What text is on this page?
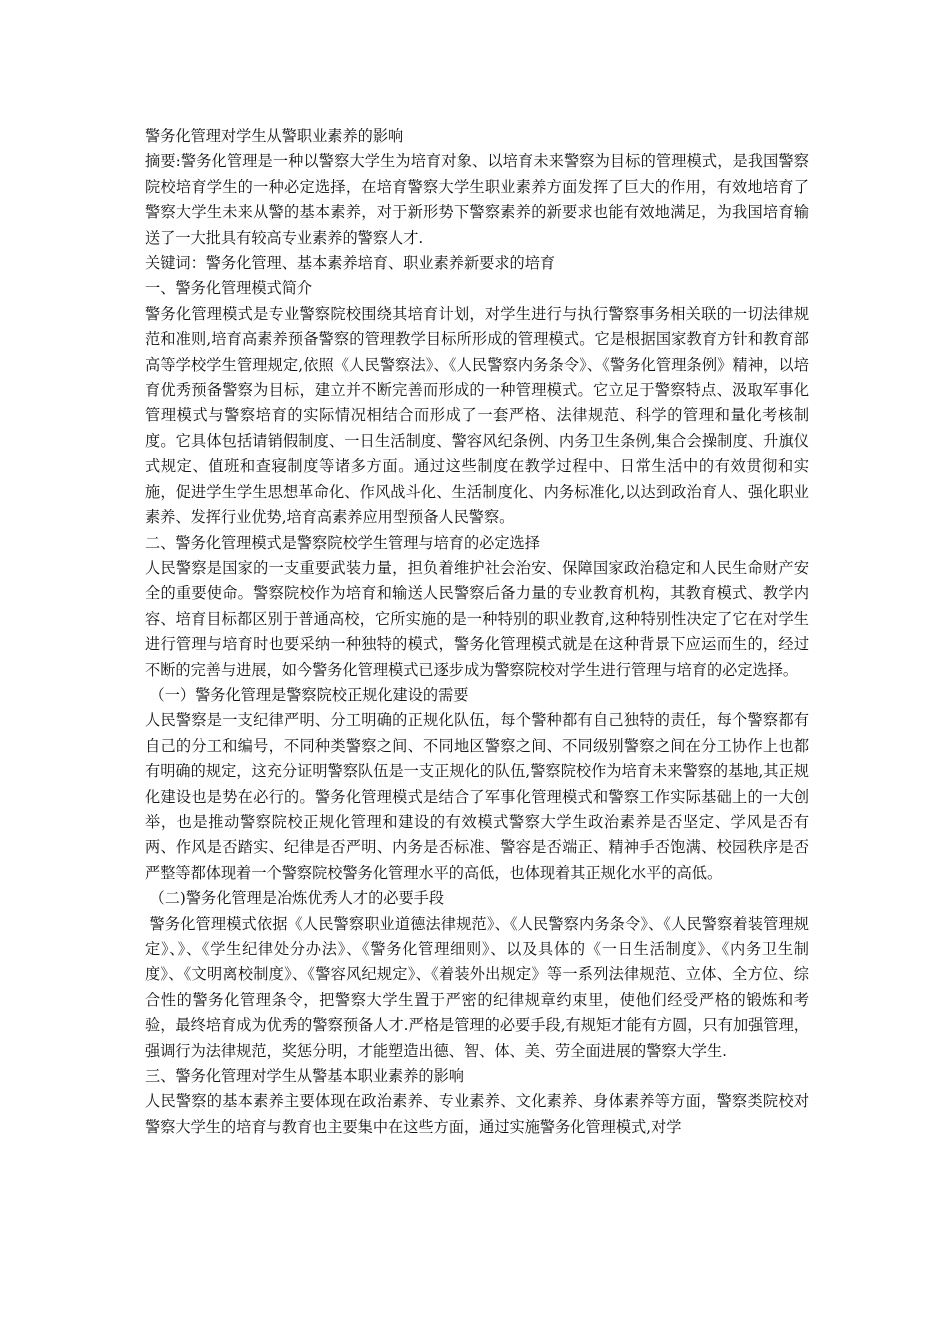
警务化管理对学生从警职业素养的影响

摘要:警务化管理是一种以警察大学生为培育对象、以培育未来警察为目标的管理模式，是我国警察院校培育学生的一种必定选择，在培育警察大学生职业素养方面发挥了巨大的作用，有效地培育了警察大学生未来从警的基本素养，对于新形势下警察素养的新要求也能有效地满足，为我国培育输送了一大批具有较高专业素养的警察人才.

关键词：警务化管理、基本素养培育、职业素养新要求的培育

一、警务化管理模式简介

警务化管理模式是专业警察院校围绕其培育计划，对学生进行与执行警察事务相关联的一切法律规范和准则,培育高素养预备警察的管理教学目标所形成的管理模式。它是根据国家教育方针和教育部高等学校学生管理规定,依照《人民警察法》、《人民警察内务条令》、《警务化管理条例》精神，以培育优秀预备警察为目标，建立并不断完善而形成的一种管理模式。它立足于警察特点、汲取军事化管理模式与警察培育的实际情况相结合而形成了一套严格、法律规范、科学的管理和量化考核制度。它具体包括请销假制度、一日生活制度、警容风纪条例、内务卫生条例,集合会操制度、升旗仪式规定、值班和查寝制度等诸多方面。通过这些制度在教学过程中、日常生活中的有效贯彻和实施，促进学生学生思想革命化、作风战斗化、生活制度化、内务标准化,以达到政治育人、强化职业素养、发挥行业优势,培育高素养应用型预备人民警察。

二、警务化管理模式是警察院校学生管理与培育的必定选择

人民警察是国家的一支重要武装力量，担负着维护社会治安、保障国家政治稳定和人民生命财产安全的重要使命。警察院校作为培育和输送人民警察后备力量的专业教育机构，其教育模式、教学内容、培育目标都区别于普通高校，它所实施的是一种特别的职业教育,这种特别性决定了它在对学生进行管理与培育时也要采纳一种独特的模式，警务化管理模式就是在这种背景下应运而生的，经过不断的完善与进展，如今警务化管理模式已逐步成为警察院校对学生进行管理与培育的必定选择。

（一）警务化管理是警察院校正规化建设的需要

人民警察是一支纪律严明、分工明确的正规化队伍，每个警种都有自己独特的责任，每个警察都有自己的分工和编号，不同种类警察之间、不同地区警察之间、不同级别警察之间在分工协作上也都有明确的规定，这充分证明警察队伍是一支正规化的队伍,警察院校作为培育未来警察的基地,其正规化建设也是势在必行的。警务化管理模式是结合了军事化管理模式和警察工作实际基础上的一大创举，也是推动警察院校正规化管理和建设的有效模式警察大学生政治素养是否坚定、学风是否有两、作风是否踏实、纪律是否严明、内务是否标准、警容是否端正、精神手否饱满、校园秩序是否严整等都体现着一个警察院校警务化管理水平的高低，也体现着其正规化水平的高低。

（二)警务化管理是冶炼优秀人才的必要手段

警务化管理模式依据《人民警察职业道德法律规范》、《人民警察内务条令》、《人民警察着装管理规定》、》、《学生纪律处分办法》、《警务化管理细则》、以及具体的《一日生活制度》、《内务卫生制度》、《文明离校制度》、《警容风纪规定》、《着装外出规定》等一系列法律规范、立体、全方位、综合性的警务化管理条令，把警察大学生置于严密的纪律规章约束里，使他们经受严格的锻炼和考验，最终培育成为优秀的警察预备人才.严格是管理的必要手段,有规矩才能有方圆，只有加强管理，强调行为法律规范，奖惩分明，才能塑造出德、智、体、美、劳全面进展的警察大学生.

三、警务化管理对学生从警基本职业素养的影响

人民警察的基本素养主要体现在政治素养、专业素养、文化素养、身体素养等方面，警察类院校对警察大学生的培育与教育也主要集中在这些方面，通过实施警务化管理模式,对学
